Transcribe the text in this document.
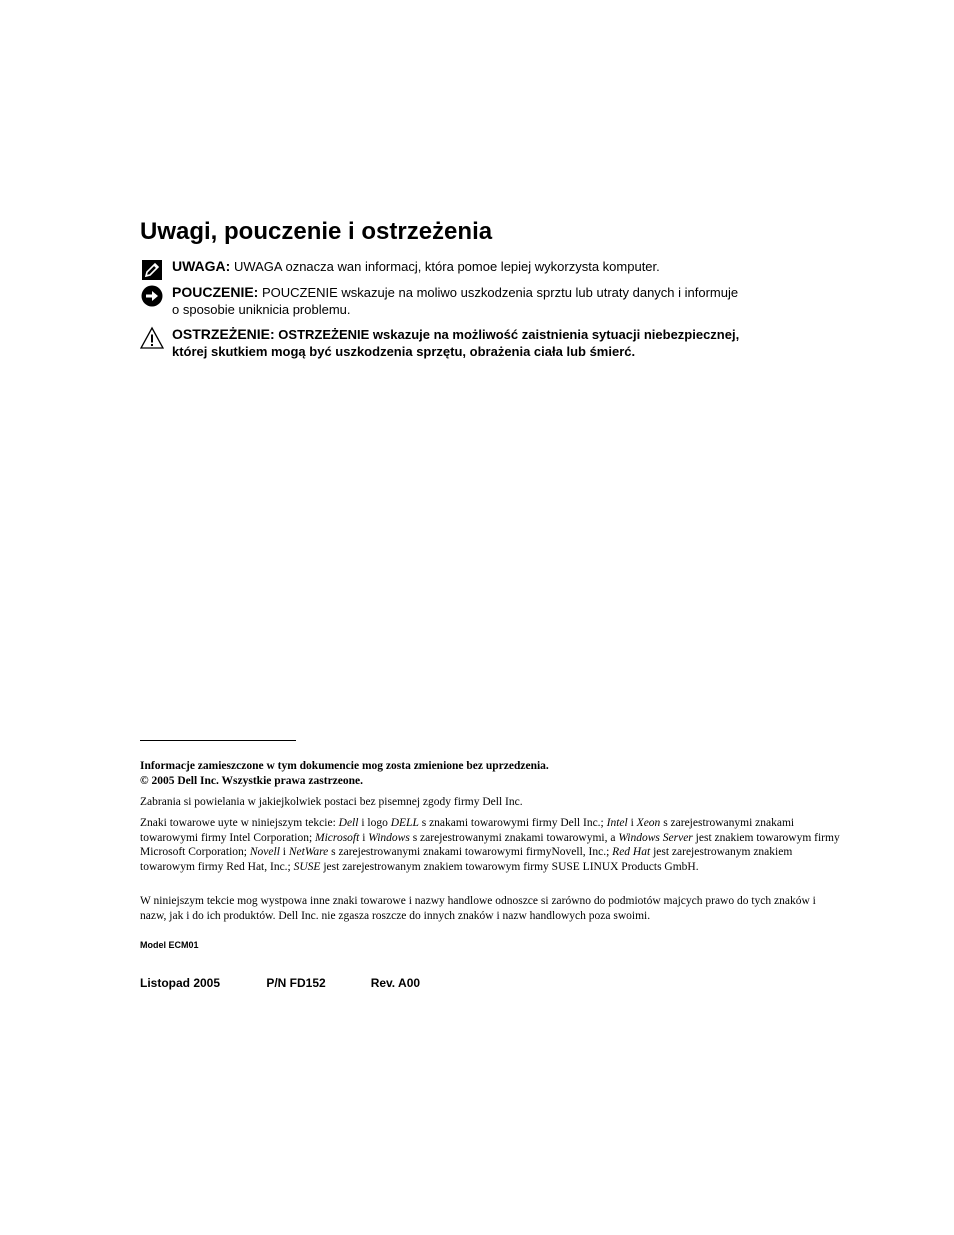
Uwagi, pouczenie i ostrzeżenia
UWAGA: UWAGA oznacza wan informacj, która pomoe lepiej wykorzysta komputer.
POUCZENIE: POUCZENIE wskazuje na moliwo uszkodzenia sprztu lub utraty danych i informuje
o sposobie uniknicia problemu.
OSTRZEŻENIE: OSTRZEŻENIE wskazuje na możliwość zaistnienia sytuacji niebezpiecznej,
której skutkiem mogą być uszkodzenia sprzętu, obrażenia ciała lub śmierć.

Informacje zamieszczone w tym dokumencie mog zosta zmienione bez uprzedzenia.

© 2005 Dell Inc. Wszystkie prawa zastrzeone.

Zabrania si powielania w jakiejkolwiek postaci bez pisemnej zgody firmy Dell Inc.

Znaki towarowe uyte w niniejszym tekcie: Dell i logo DELL s znakami towarowymi firmy Dell Inc.; Intel i Xeon s zarejestrowanymi znakami towarowymi firmy Intel Corporation; Microsoft i Windows s zarejestrowanymi znakami towarowymi, a Windows Server jest znakiem towarowym firmy Microsoft Corporation; Novell i NetWare s zarejestrowanymi znakami towarowymi firmyNovell, Inc.; Red Hat jest zarejestrowanym znakiem towarowym firmy Red Hat, Inc.; SUSE jest zarejestrowanym znakiem towarowym firmy SUSE LINUX Products GmbH.

W niniejszym tekcie mog wystpowa inne znaki towarowe i nazwy handlowe odnoszce si zarówno do podmiotów majcych prawo do tych znaków i nazw, jak i do ich produktów. Dell Inc. nie zgasza roszcze do innych znaków i nazw handlowych poza swoimi.

Model ECM01
Listopad 2005	P/N FD152	Rev. A00
